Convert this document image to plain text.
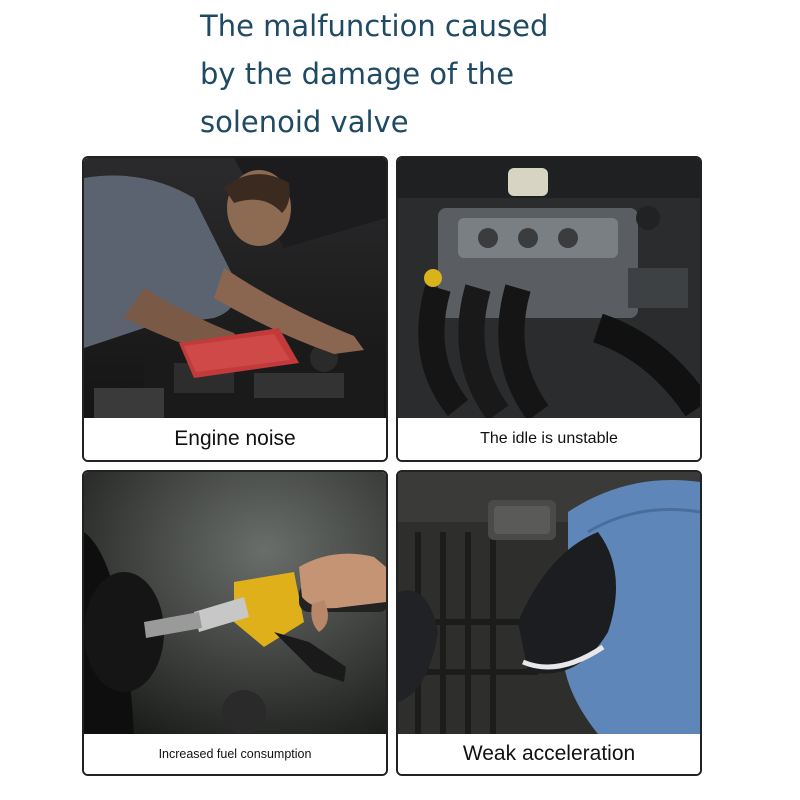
The malfunction caused
by the damage of the
solenoid valve
Engine noise	The idle is unstable
Increased fuel consumption	Weak acceleration
